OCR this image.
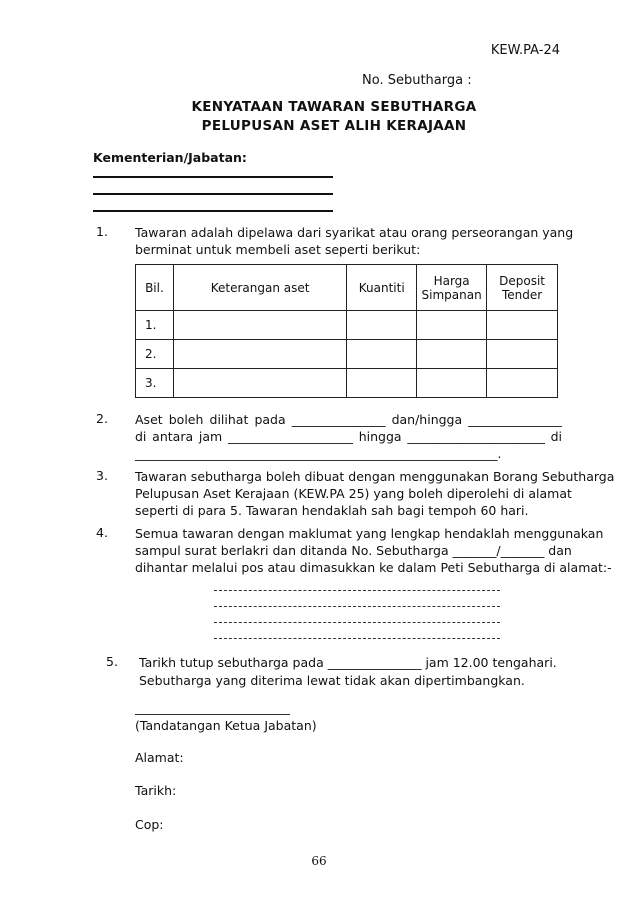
KEW.PA-24
No. Sebutharga :
KENYATAAN TAWARAN SEBUTHARGA
PELUPUSAN ASET ALIH KERAJAAN
Kementerian/Jabatan:
1. Tawaran adalah dipelawa dari syarikat atau orang perseorangan yang
berminat untuk membeli aset seperti berikut:
Bil.	Keterangan aset	Kuantiti	Harga Simpanan	Deposit Tender
1.				
2.				
3.				
2. Aset boleh dilihat pada _______________ dan/hingga _______________
di antara jam ____________________ hingga ______________________ di
__________________________________________________________.
3. Tawaran sebutharga boleh dibuat dengan menggunakan Borang Sebutharga
Pelupusan Aset Kerajaan (KEW.PA 25) yang boleh diperolehi di alamat
seperti di para 5. Tawaran hendaklah sah bagi tempoh 60 hari.
4. Semua tawaran dengan maklumat yang lengkap hendaklah menggunakan
sampul surat berlakri dan ditanda No. Sebutharga _______/_______ dan
dihantar melalui pos atau dimasukkan ke dalam Peti Sebutharga di alamat:-
5. Tarikh tutup sebutharga pada _______________ jam 12.00 tengahari.
Sebutharga yang diterima lewat tidak akan dipertimbangkan.
(Tandatangan Ketua Jabatan)
Alamat:
Tarikh:
Cop:
66
